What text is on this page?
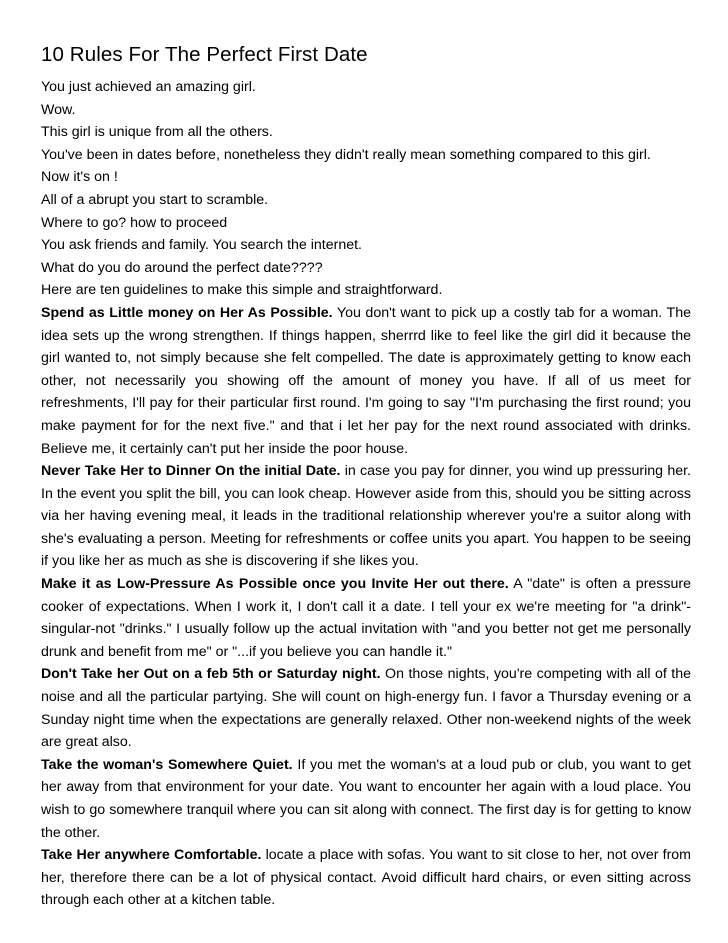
10 Rules For The Perfect First Date

You just achieved an amazing girl.

Wow.

This girl is unique from all the others.

You've been in dates before, nonetheless they didn't really mean something compared to this girl.

Now it's on !

All of a abrupt you start to scramble.

Where to go? how to proceed

You ask friends and family. You search the internet.

What do you do around the perfect date????

Here are ten guidelines to make this simple and straightforward.

Spend as Little money on Her As Possible. You don't want to pick up a costly tab for a woman. The idea sets up the wrong strengthen. If things happen, sherrrd like to feel like the girl did it because the girl wanted to, not simply because she felt compelled. The date is approximately getting to know each other, not necessarily you showing off the amount of money you have. If all of us meet for refreshments, I'll pay for their particular first round. I'm going to say "I'm purchasing the first round; you make payment for for the next five." and that i let her pay for the next round associated with drinks. Believe me, it certainly can't put her inside the poor house.

Never Take Her to Dinner On the initial Date. in case you pay for dinner, you wind up pressuring her. In the event you split the bill, you can look cheap. However aside from this, should you be sitting across via her having evening meal, it leads in the traditional relationship wherever you're a suitor along with she's evaluating a person. Meeting for refreshments or coffee units you apart. You happen to be seeing if you like her as much as she is discovering if she likes you.

Make it as Low-Pressure As Possible once you Invite Her out there. A "date" is often a pressure cooker of expectations. When I work it, I don't call it a date. I tell your ex we're meeting for "a drink"-singular-not "drinks." I usually follow up the actual invitation with "and you better not get me personally drunk and benefit from me" or "...if you believe you can handle it."

Don't Take her Out on a feb 5th or Saturday night. On those nights, you're competing with all of the noise and all the particular partying. She will count on high-energy fun. I favor a Thursday evening or a Sunday night time when the expectations are generally relaxed. Other non-weekend nights of the week are great also.

Take the woman's Somewhere Quiet. If you met the woman's at a loud pub or club, you want to get her away from that environment for your date. You want to encounter her again with a loud place. You wish to go somewhere tranquil where you can sit along with connect. The first day is for getting to know the other.

Take Her anywhere Comfortable. locate a place with sofas. You want to sit close to her, not over from her, therefore there can be a lot of physical contact. Avoid difficult hard chairs, or even sitting across through each other at a kitchen table.
